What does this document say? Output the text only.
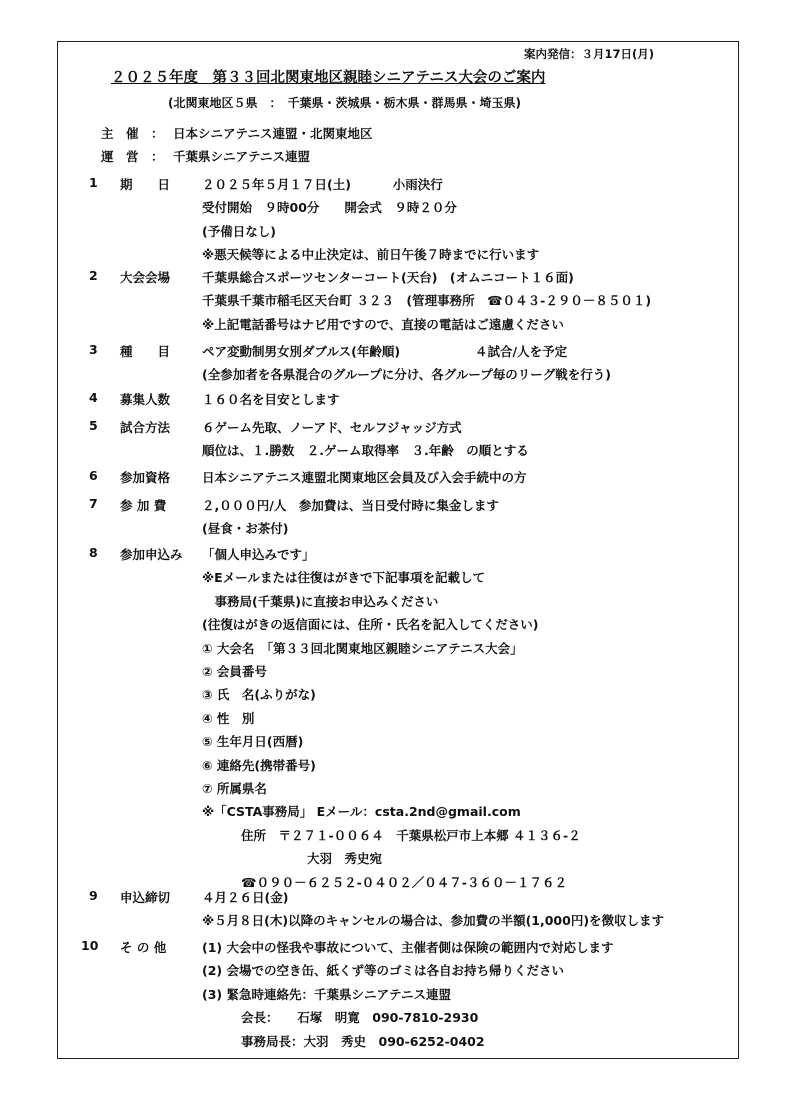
案内発信：３月17日(月)
２０２５年度　第３３回北関東地区親睦シニアテニス大会のご案内
(北関東地区５県　：　千葉県・茨城県・栃木県・群馬県・埼玉県)
主　催　： 日本シニアテニス連盟・北関東地区
運　営　： 千葉県シニアテニス連盟
1 期　　日	２０２５年５月１７日(土)　　　 小雨決行
受付開始　９時00分　　開会式　９時２０分
(予備日なし)
※悪天候等による中止決定は、前日午後７時までに行います
2 大会会場	千葉県総合スポーツセンターコート(天台)　(オムニコート１６面)
千葉県千葉市稲毛区天台町 ３２３　(管理事務所　☎０４３-２９０－８５０１)
※上記電話番号はナビ用ですので、直接の電話はご遠慮ください
3 種　　目	ペア変動制男女別ダブルス(年齢順)　　　　　　４試合/人を予定
(全参加者を各県混合のグループに分け、各グループ毎のリーグ戦を行う)
4 募集人数	１６０名を目安とします
5 試合方法	６ゲーム先取、ノーアド、セルフジャッジ方式
順位は、１.勝数　２.ゲーム取得率　３.年齢　の順とする
6 参加資格	日本シニアテニス連盟北関東地区会員及び入会手続中の方
7 参 加 費	２,０００円/人　参加費は、当日受付時に集金します
(昼食・お茶付)
8 参加申込み 「個人申込みです」
※Eメールまたは往復はがきで下記事項を記載して
　事務局(千葉県)に直接お申込みください
(往復はがきの返信面には、住所・氏名を記入してください)
① 大会名　「第３３回北関東地区親睦シニアテニス大会」
② 会員番号
③ 氏　名(ふりがな)
④ 性　別
⑤ 生年月日(西暦)
⑥ 連絡先(携帯番号)
⑦ 所属県名
※「CSTA事務局」 Eメール：csta.2nd@gmail.com
住所　〒２７１-００６４　千葉県松戸市上本郷 ４１３６-２
大羽　秀史宛
☎０９０－６２５２-０４０２／０４７-３６０－１７６２
9 申込締切	４月２６日(金)
※５月８日(木)以降のキャンセルの場合は、参加費の半額(1,000円)を徴収します
10 そ の 他	(1) 大会中の怪我や事故について、主催者側は保険の範囲内で対応します
(2) 会場での空き缶、紙くず等のゴミは各自お持ち帰りください
(3) 緊急時連絡先：千葉県シニアテニス連盟
会長：　　石塚　明寛　090-7810-2930
事務局長：大羽　秀史　090-6252-0402
